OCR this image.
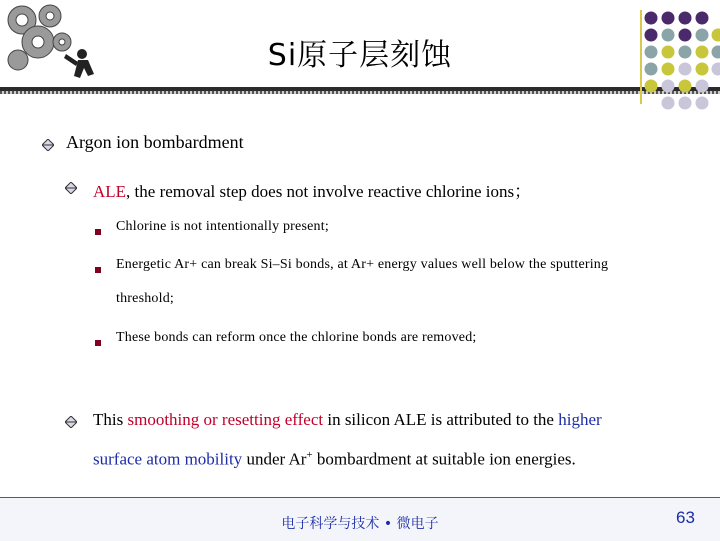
Si原子层刻蚀
Argon ion bombardment
ALE, the removal step does not involve reactive chlorine ions；
Chlorine is not intentionally present;
Energetic Ar+ can break Si–Si bonds, at Ar+ energy values well below the sputtering
threshold;
These bonds can reform once the chlorine bonds are removed;
This smoothing or resetting effect in silicon ALE is attributed to the higher
surface atom mobility under Ar+ bombardment at suitable ion energies.
电子科学与技术 • 微电子	63
